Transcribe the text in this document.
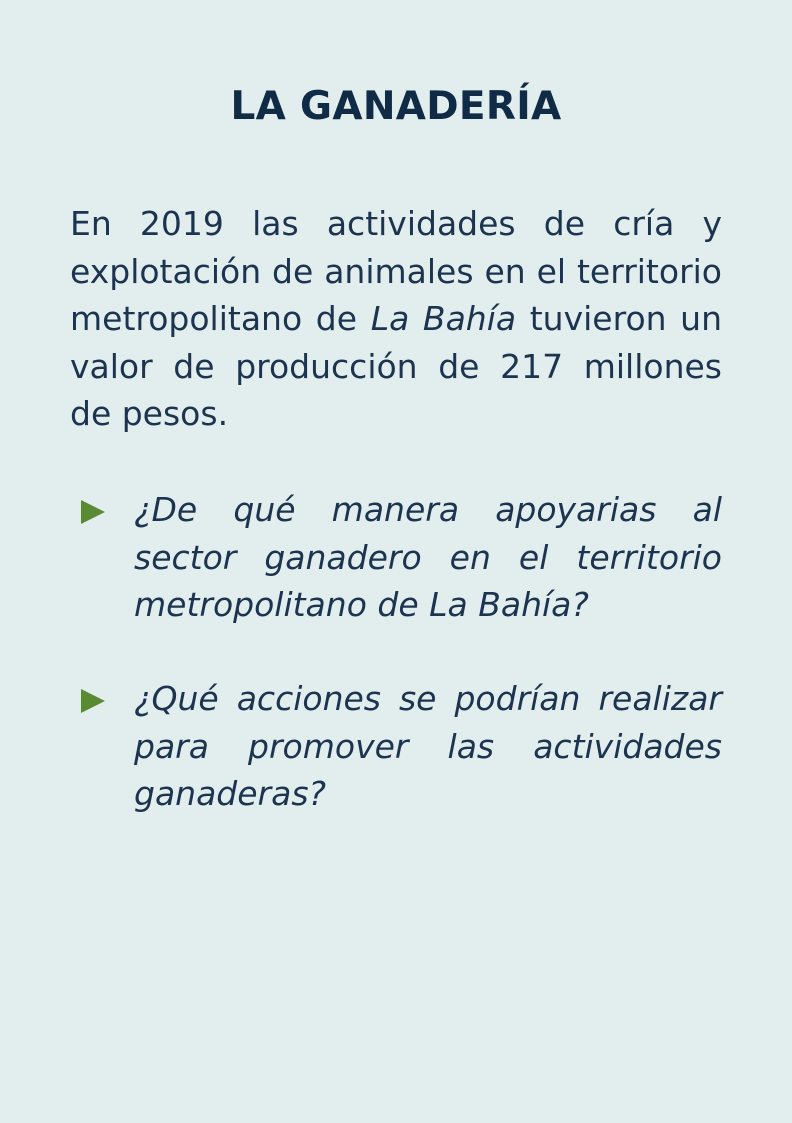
LA GANADERÍA

En 2019 las actividades de cría y explotación de animales en el territorio metropolitano de La Bahía tuvieron un valor de producción de 217 millones de pesos.

¿De qué manera apoyarias al sector ganadero en el territorio metropolitano de La Bahía?
¿Qué acciones se podrían realizar para promover las actividades ganaderas?
